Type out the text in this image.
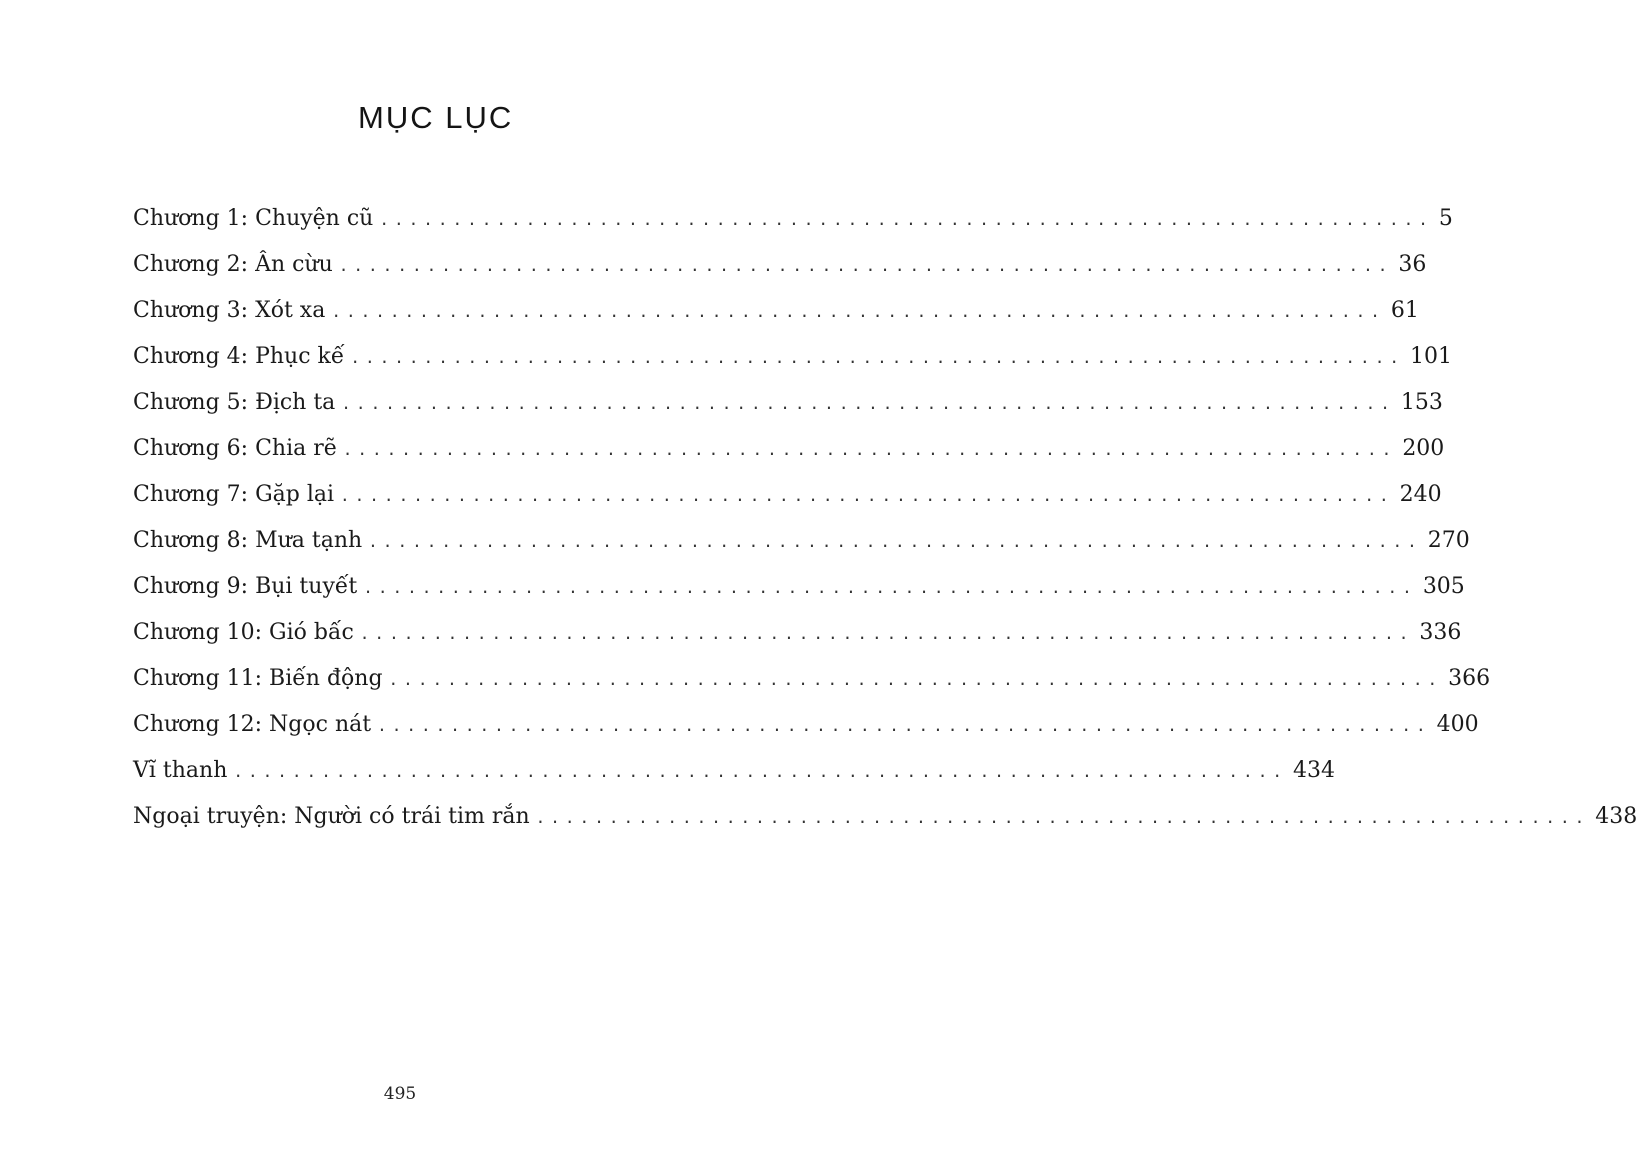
MỤC LỤC
Chương 1: Chuyện cũ ........................................................................ 5
Chương 2: Ân cừu ........................................................................ 36
Chương 3: Xót xa ........................................................................ 61
Chương 4: Phục kế ........................................................................ 101
Chương 5: Địch ta ........................................................................ 153
Chương 6: Chia rẽ ........................................................................ 200
Chương 7: Gặp lại ........................................................................ 240
Chương 8: Mưa tạnh ........................................................................ 270
Chương 9: Bụi tuyết ........................................................................ 305
Chương 10: Gió bấc ........................................................................ 336
Chương 11: Biến động ........................................................................ 366
Chương 12: Ngọc nát ........................................................................ 400
Vĩ thanh ........................................................................ 434
Ngoại truyện: Người có trái tim rắn ........................................................................ 438
495
